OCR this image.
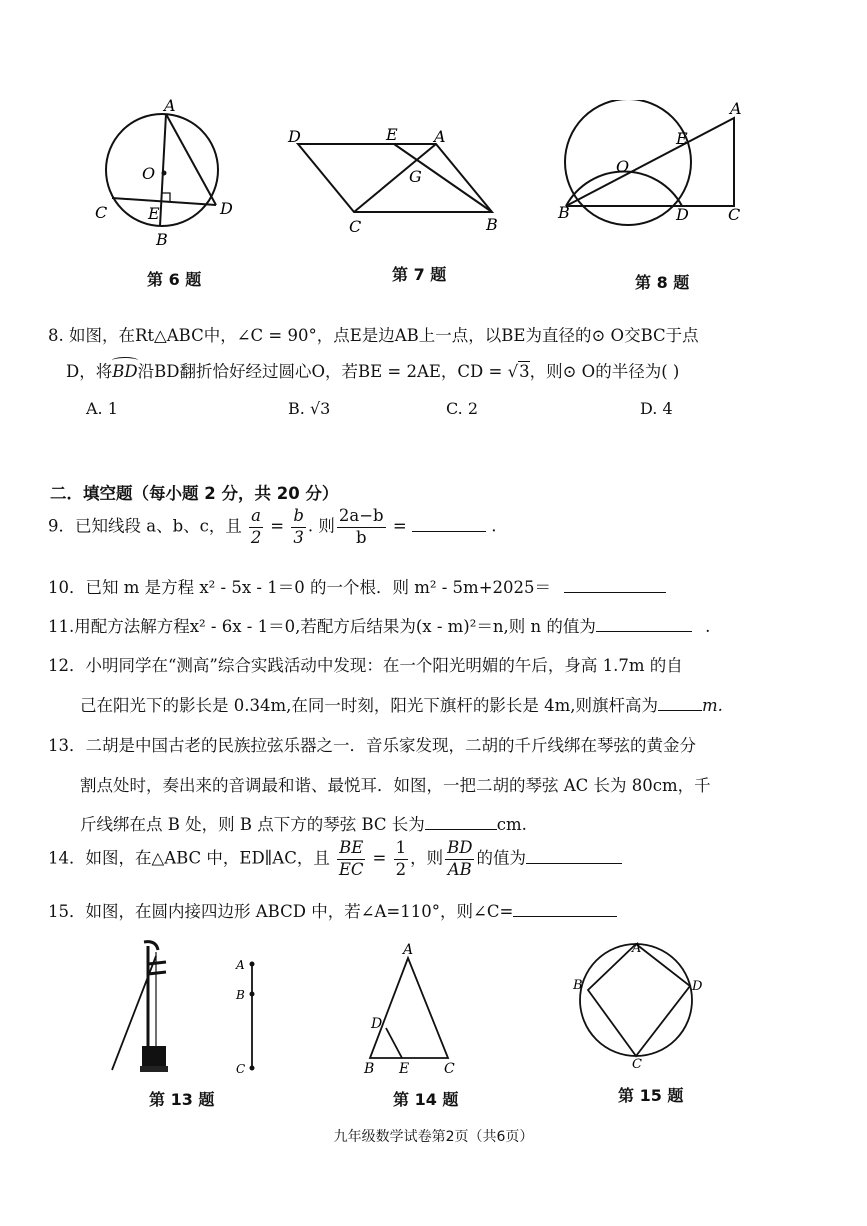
A
O
C	E	D
B
第 6 题
D	E A
G
C	B
第 7 题
A
E
O
B	D C
第 8 题
8. 如图，在Rt△ABC中，∠C = 90°，点E是边AB上一点，以BE为直径的⊙ O交BC于点
D，将
BD沿BD翻折恰好经过圆心O，若BE = 2AE，CD = √3，则⊙ O的半径为( )
A. 1	B. √3	C. 2	D. 4
二．填空题（每小题 2 分，共 20 分）
9．已知线段 a、b、c，且 $\frac{a}{2} = \frac{b}{3}$ . 则 $\frac{2a-b}{b}$ =	.
10．已知 m 是方程 x² - 5x - 1＝0 的一个根．则 m² - 5m+2025＝
11.用配方法解方程x² - 6x - 1＝0,若配方后结果为(x - m)²＝n,则 n 的值为	.
12．小明同学在“测高”综合实践活动中发现：在一个阳光明媚的午后，身高 1.7m 的自
己在阳光下的影长是 0.34m,在同一时刻，阳光下旗杆的影长是 4m,则旗杆高为	m.
13．二胡是中国古老的民族拉弦乐器之一．音乐家发现，二胡的千斤线绑在琴弦的黄金分
割点处时，奏出来的音调最和谐、最悦耳．如图，一把二胡的琴弦 AC 长为 80cm，千
斤线绑在点 B 处，则 B 点下方的琴弦 BC 长为	cm.
14．如图，在△ABC 中，ED∥AC，且 $\frac{BE}{EC} = \frac{1}{2}$ ，则 $\frac{BD}{AB}$ 的值为
15．如图，在圆内接四边形 ABCD 中，若∠A=110°，则∠C=
A
B
C
第 13 题
A
D
B E C
第 14 题
A
B
C
D
第 15 题
九年级数学试卷第2页（共6页）
